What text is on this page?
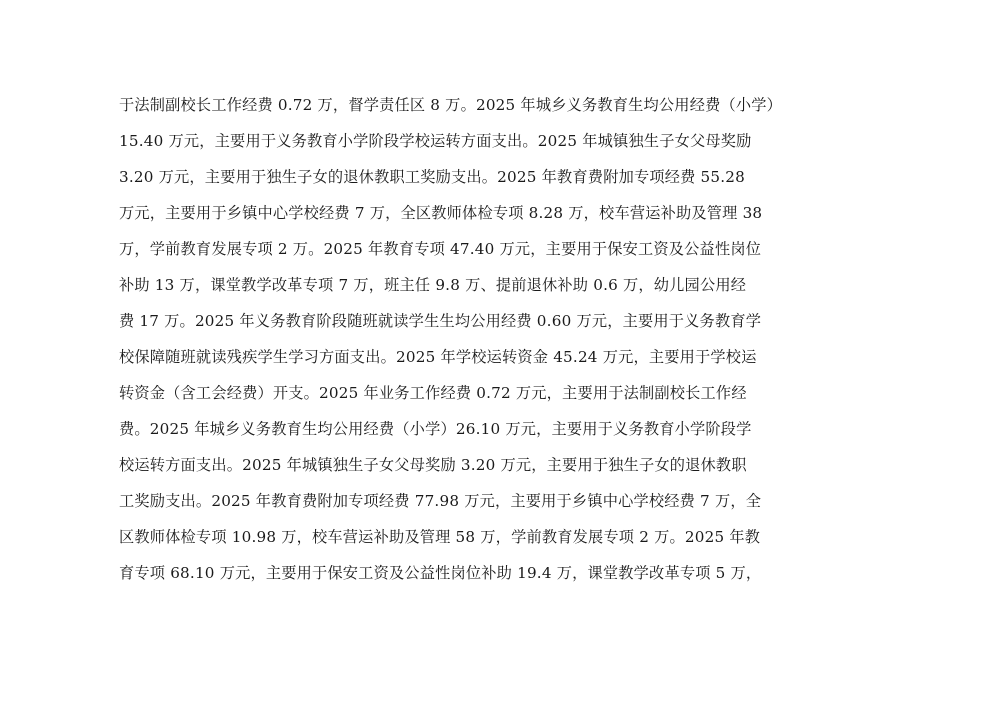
于法制副校长工作经费 0.72 万，督学责任区 8 万。2025 年城乡义务教育生均公用经费（小学）
15.40 万元，主要用于义务教育小学阶段学校运转方面支出。2025 年城镇独生子女父母奖励
3.20 万元，主要用于独生子女的退休教职工奖励支出。2025 年教育费附加专项经费 55.28
万元，主要用于乡镇中心学校经费 7 万，全区教师体检专项 8.28 万，校车营运补助及管理 38
万，学前教育发展专项 2 万。2025 年教育专项 47.40 万元，主要用于保安工资及公益性岗位
补助 13 万，课堂教学改革专项 7 万，班主任 9.8 万、提前退休补助 0.6 万，幼儿园公用经
费 17 万。2025 年义务教育阶段随班就读学生生均公用经费 0.60 万元，主要用于义务教育学
校保障随班就读残疾学生学习方面支出。2025 年学校运转资金 45.24 万元，主要用于学校运
转资金（含工会经费）开支。2025 年业务工作经费 0.72 万元，主要用于法制副校长工作经
费。2025 年城乡义务教育生均公用经费（小学）26.10 万元，主要用于义务教育小学阶段学
校运转方面支出。2025 年城镇独生子女父母奖励 3.20 万元，主要用于独生子女的退休教职
工奖励支出。2025 年教育费附加专项经费 77.98 万元，主要用于乡镇中心学校经费 7 万，全
区教师体检专项 10.98 万，校车营运补助及管理 58 万，学前教育发展专项 2 万。2025 年教
育专项 68.10 万元，主要用于保安工资及公益性岗位补助 19.4 万，课堂教学改革专项 5 万，
